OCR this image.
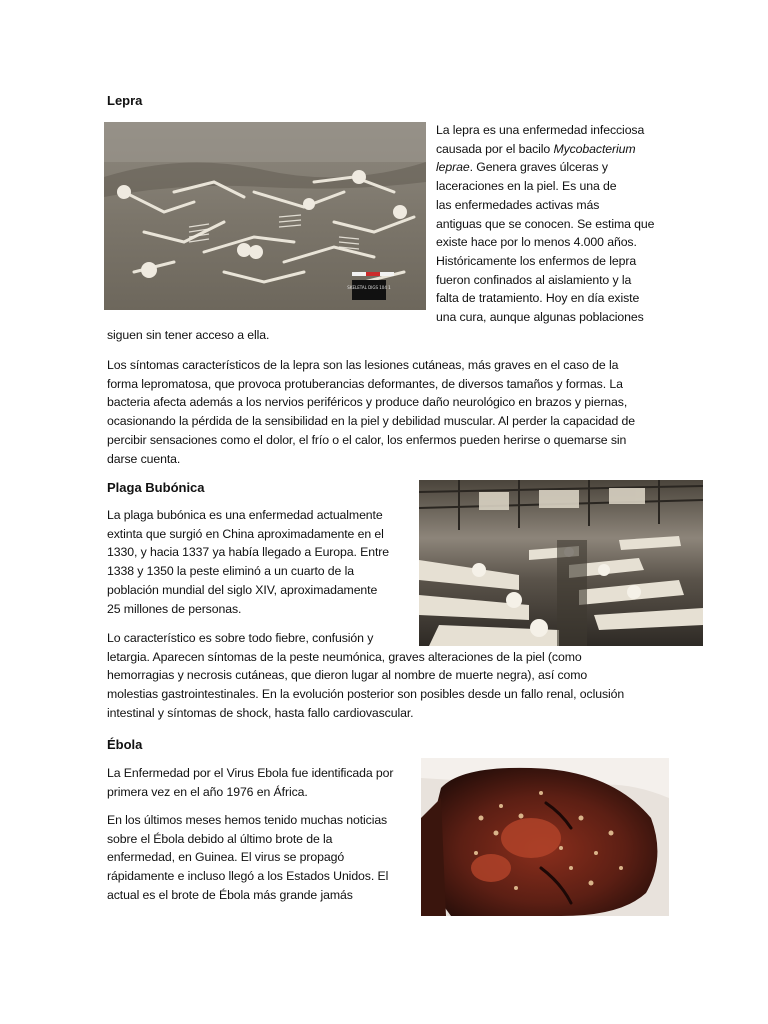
Lepra
SKELETAL DIGS 104 1
La lepra es una enfermedad infecciosa
causada por el bacilo Mycobacterium
leprae. Genera graves úlceras y
laceraciones en la piel. Es una de
las enfermedades activas más
antiguas que se conocen. Se estima que
existe hace por lo menos 4.000 años.
Históricamente los enfermos de lepra
fueron confinados al aislamiento y la
falta de tratamiento. Hoy en día existe
una cura, aunque algunas poblaciones
siguen sin tener acceso a ella.
Los síntomas característicos de la lepra son las lesiones cutáneas, más graves en el caso de la
forma lepromatosa, que provoca protuberancias deformantes, de diversos tamaños y formas. La
bacteria afecta además a los nervios periféricos y produce daño neurológico en brazos y piernas,
ocasionando la pérdida de la sensibilidad en la piel y debilidad muscular. Al perder la capacidad de
percibir sensaciones como el dolor, el frío o el calor, los enfermos pueden herirse o quemarse sin
darse cuenta.
Plaga Bubónica
La plaga bubónica es una enfermedad actualmente
extinta que surgió en China aproximadamente en el
1330, y hacia 1337 ya había llegado a Europa. Entre
1338 y 1350 la peste eliminó a un cuarto de la
población mundial del siglo XIV, aproximadamente
25 millones de personas.
Lo característico es sobre todo fiebre, confusión y
letargia. Aparecen síntomas de la peste neumónica, graves alteraciones de la piel (como
hemorragias y necrosis cutáneas, que dieron lugar al nombre de muerte negra), así como
molestias gastrointestinales. En la evolución posterior son posibles desde un fallo renal, oclusión
intestinal y síntomas de shock, hasta fallo cardiovascular.
Ébola
La Enfermedad por el Virus Ebola fue identificada por
primera vez en el año 1976 en África.
En los últimos meses hemos tenido muchas noticias
sobre el Ébola debido al último brote de la
enfermedad, en Guinea. El virus se propagó
rápidamente e incluso llegó a los Estados Unidos. El
actual es el brote de Ébola más grande jamás
